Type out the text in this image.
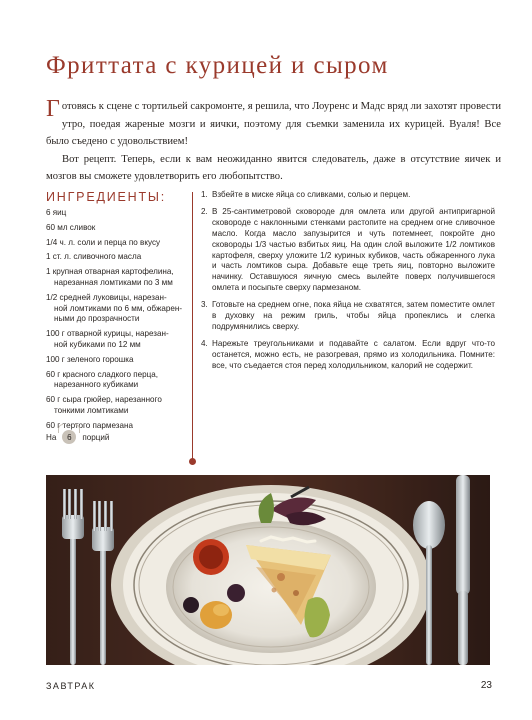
Фриттата с курицей и сыром

Готовясь к сцене с тортильей сакромонте, я решила, что Лоуренс и Мадс вряд ли захотят провести утро, поедая жареные мозги и яички, поэтому для съемки заменила их курицей. Вуаля! Все было съедено с удовольствием!

Вот рецепт. Теперь, если к вам неожиданно явится следователь, даже в отсутствие яичек и мозгов вы сможете удовлетворить его любопытство.

ИНГРЕДИЕНТЫ:
6 яиц
60 мл сливок
1/4 ч. л. соли и перца по вкусу
1 ст. л. сливочного масла
1 крупная отварная картофелина,
нарезанная ломтиками по 3 мм
1/2 средней луковицы, нарезан-
ной ломтиками по 6 мм, обжарен-
ными до прозрачности
100 г отварной курицы, нарезан-
ной кубиками по 12 мм
100 г зеленого горошка
60 г красного сладкого перца,
нарезанного кубиками
60 г сыра грюйер, нарезанного
тонкими ломтиками
60 г тертого пармезана
На 6 порций
1. Взбейте в миске яйца со сливками, солью и перцем.
2. В 25-сантиметровой сковороде для омлета или другой антипригарной сковороде с наклонными стенками растопите на среднем огне сливочное масло. Когда масло запузырится и чуть потемнеет, покройте дно сковороды 1/3 частью взбитых яиц. На один слой выложите 1/2 ломтиков картофеля, сверху уложите 1/2 куриных кубиков, часть обжаренного лука и часть ломтиков сыра. Добавьте еще треть яиц, повторно выложите начинку. Оставшуюся яичную смесь вылейте поверх получившегося омлета и посыпьте сверху пармезаном.
3. Готовьте на среднем огне, пока яйца не схватятся, затем поместите омлет в духовку на режим гриль, чтобы яйца пропеклись и слегка подрумянились сверху.
4. Нарежьте треугольниками и подавайте с салатом. Если вдруг что-то останется, можно есть, не разогревая, прямо из холодильника. Помните: все, что съедается стоя перед холодильником, калорий не содержит.
ЗАВТРАК	23
